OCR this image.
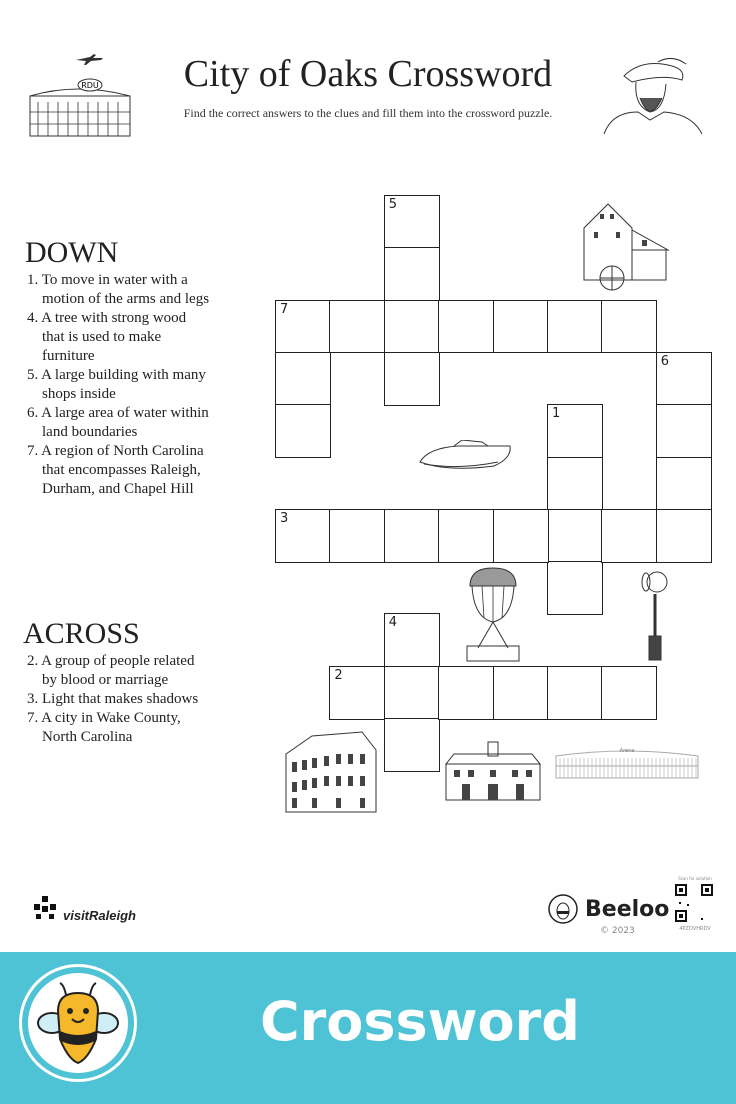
RDU	City of Oaks Crossword
Find the correct answers to the clues and fill them into the crossword puzzle.
DOWN

1. To move in water with a motion of the arms and legs

4. A tree with strong wood that is used to make furniture

5. A large building with many shops inside

6. A large area of water within land boundaries

7. A region of North Carolina that encompasses Raleigh, Durham, and Chapel Hill

ACROSS

2. A group of people related by blood or marriage

3. Light that makes shadows

7. A city in Wake County, North Carolina

5
7
6
1
3
4
2
Arena
visitRaleigh	Beeloo
© 2023
Scan for solution
4PZOVHRDV
Crossword
